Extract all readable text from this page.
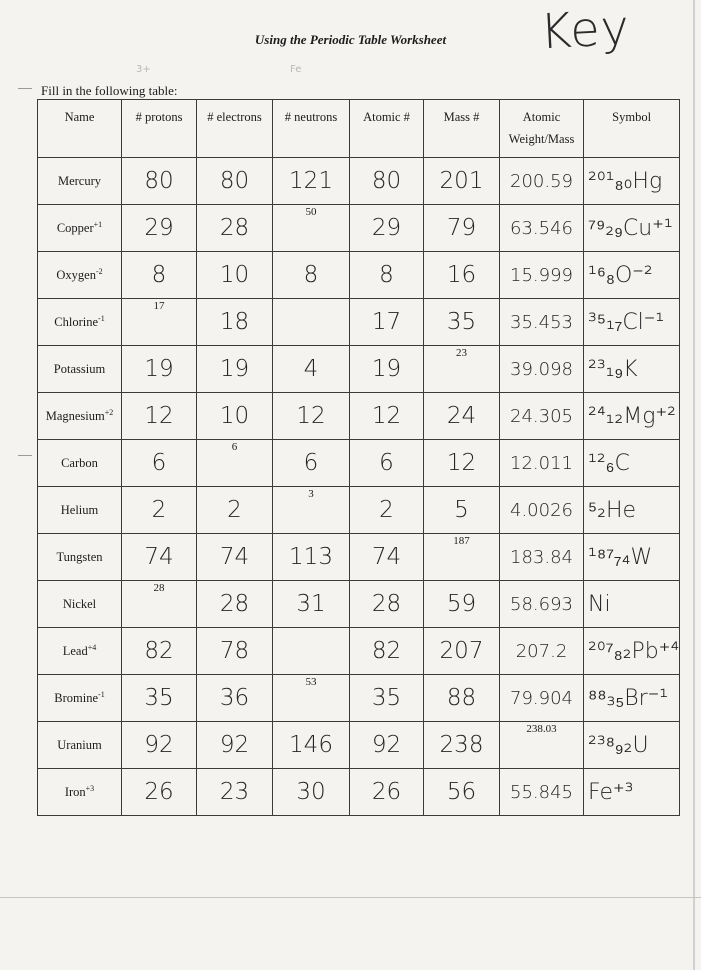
Using the Periodic Table Worksheet	Key
3+	Fe
Fill in the following table:
Name	# protons	# electrons	# neutrons	Atomic #	Mass #	Atomic Weight/Mass	Symbol
Mercury	80	80	121	80	201	200.59	²⁰¹₈₀Hg
Copper$^{+1}$	29	28	50	29	79	63.546	⁷⁹₂₉Cu⁺¹
Oxygen$^{-2}$	8	10	8	8	16	15.999	¹⁶₈O⁻²
Chlorine$^{-1}$	17	18		17	35	35.453	³⁵₁₇Cl⁻¹
Potassium	19	19	4	19	23	39.098	²³₁₉K
Magnesium$^{+2}$	12	10	12	12	24	24.305	²⁴₁₂Mg⁺²
Carbon	6	6	6	6	12	12.011	¹²₆C
Helium	2	2	3	2	5	4.0026	⁵₂He
Tungsten	74	74	113	74	187	183.84	¹⁸⁷₇₄W
Nickel	28	28	31	28	59	58.693	Ni
Lead$^{+4}$	82	78		82	207	207.2	²⁰⁷₈₂Pb⁺⁴
Bromine$^{-1}$	35	36	53	35	88	79.904	⁸⁸₃₅Br⁻¹
Uranium	92	92	146	92	238	238.03	²³⁸₉₂U
Iron$^{+3}$	26	23	30	26	56	55.845	Fe⁺³
